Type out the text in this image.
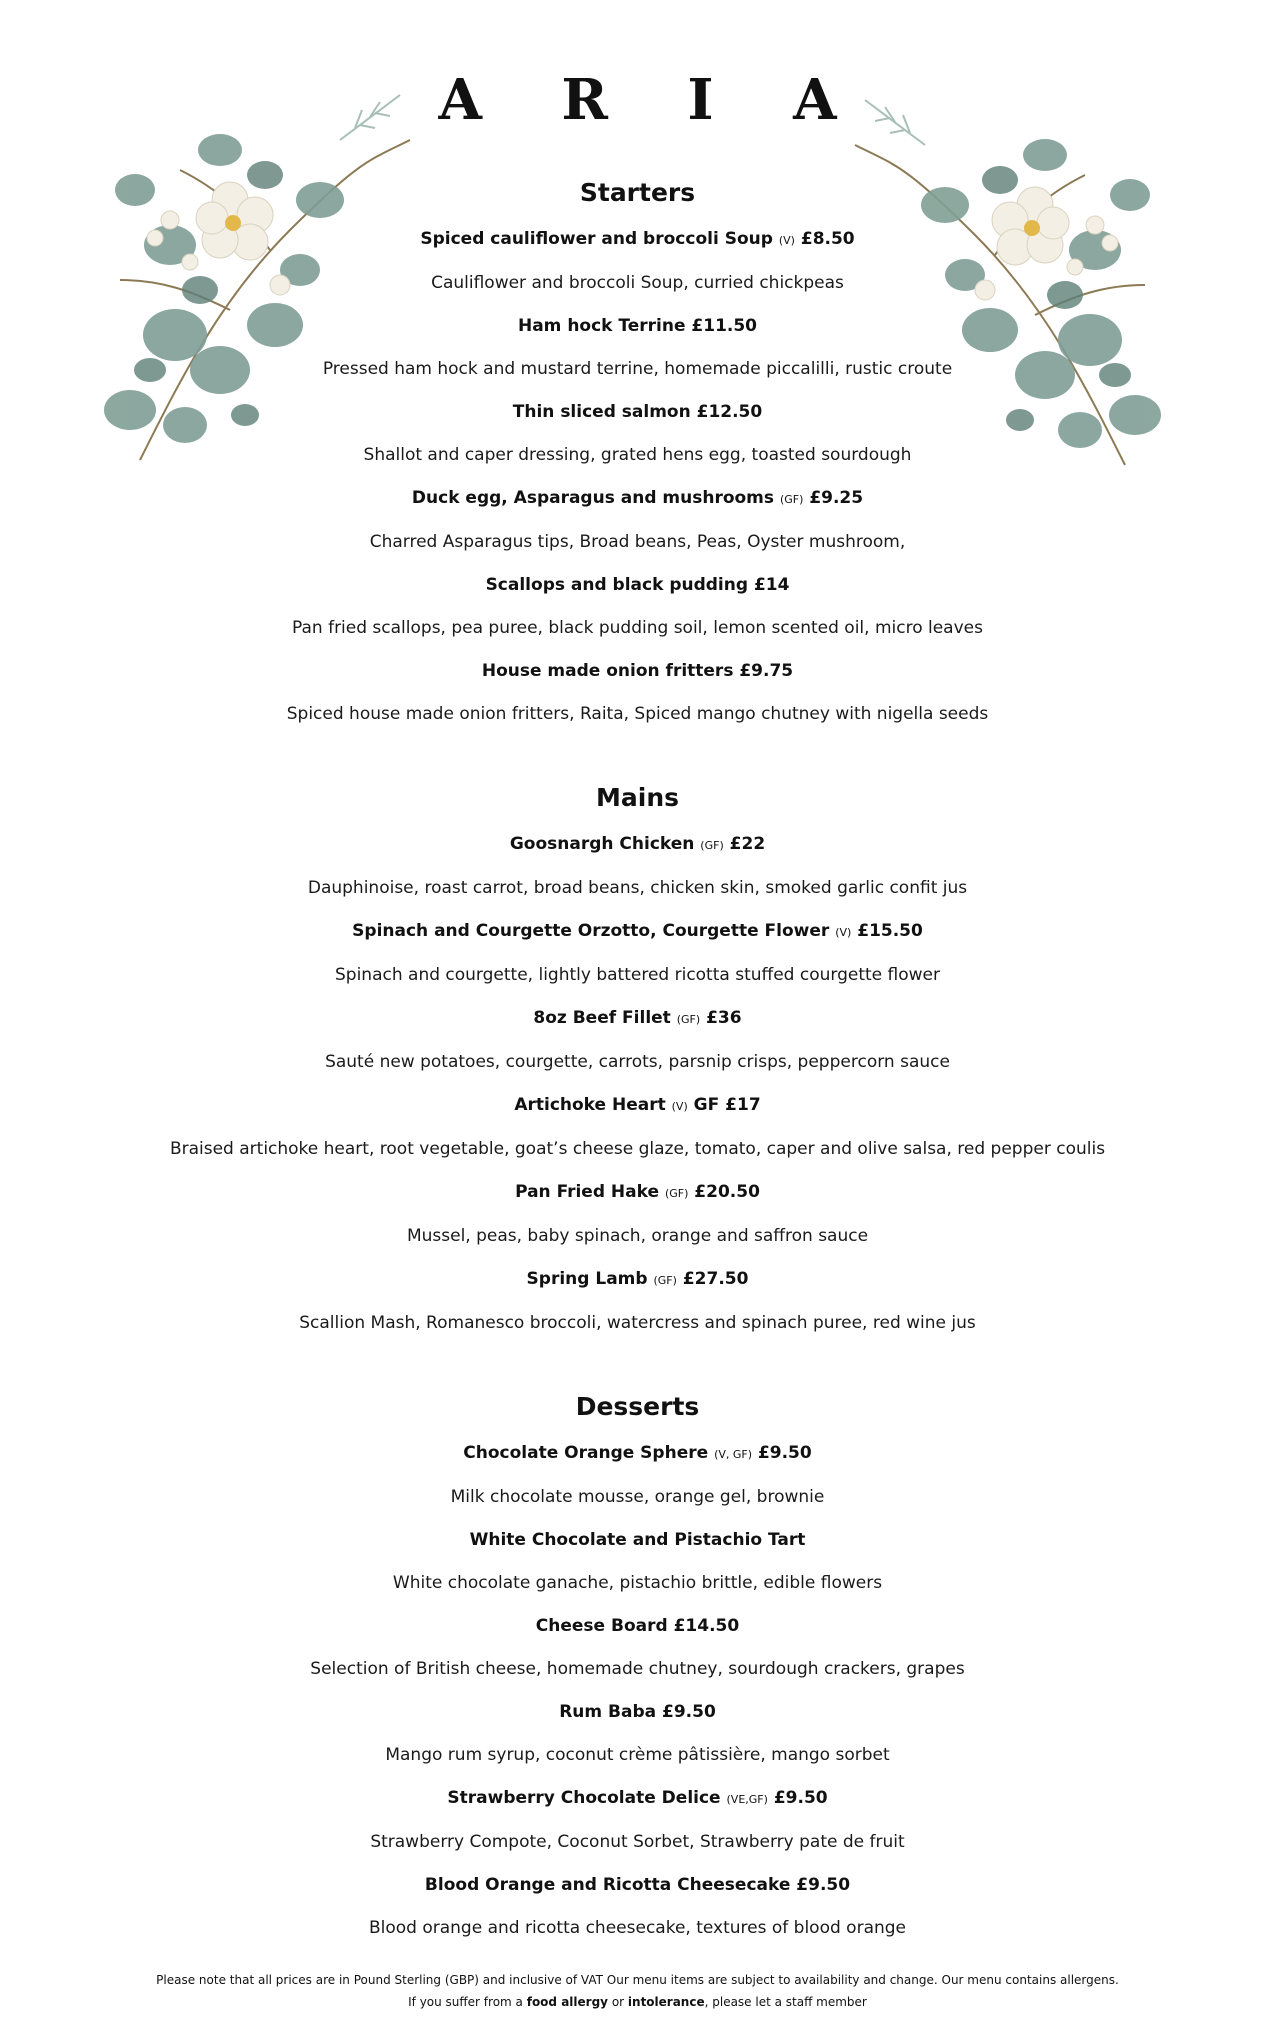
A R I A
Starters

Spiced cauliflower and broccoli Soup (V) £8.50

Cauliflower and broccoli Soup, curried chickpeas

Ham hock Terrine £11.50

Pressed ham hock and mustard terrine, homemade piccalilli, rustic croute

Thin sliced salmon £12.50

Shallot and caper dressing, grated hens egg, toasted sourdough

Duck egg, Asparagus and mushrooms (GF) £9.25

Charred Asparagus tips, Broad beans, Peas, Oyster mushroom,

Scallops and black pudding £14

Pan fried scallops, pea puree, black pudding soil, lemon scented oil, micro leaves

House made onion fritters £9.75

Spiced house made onion fritters, Raita, Spiced mango chutney with nigella seeds

Mains

Goosnargh Chicken (GF) £22

Dauphinoise, roast carrot, broad beans, chicken skin, smoked garlic confit jus

Spinach and Courgette Orzotto, Courgette Flower (V) £15.50

Spinach and courgette, lightly battered ricotta stuffed courgette flower

8oz Beef Fillet (GF) £36

Sauté new potatoes, courgette, carrots, parsnip crisps, peppercorn sauce

Artichoke Heart (V) GF £17

Braised artichoke heart, root vegetable, goat’s cheese glaze, tomato, caper and olive salsa, red pepper coulis

Pan Fried Hake (GF) £20.50

Mussel, peas, baby spinach, orange and saffron sauce

Spring Lamb (GF) £27.50

Scallion Mash, Romanesco broccoli, watercress and spinach puree, red wine jus

Desserts

Chocolate Orange Sphere (V, GF) £9.50

Milk chocolate mousse, orange gel, brownie

White Chocolate and Pistachio Tart

White chocolate ganache, pistachio brittle, edible flowers

Cheese Board £14.50

Selection of British cheese, homemade chutney, sourdough crackers, grapes

Rum Baba £9.50

Mango rum syrup, coconut crème pâtissière, mango sorbet

Strawberry Chocolate Delice (VE,GF) £9.50

Strawberry Compote, Coconut Sorbet, Strawberry pate de fruit

Blood Orange and Ricotta Cheesecake £9.50

Blood orange and ricotta cheesecake, textures of blood orange

Please note that all prices are in Pound Sterling (GBP) and inclusive of VAT Our menu items are subject to availability and change. Our menu contains allergens.
If you suffer from a food allergy or intolerance, please let a staff member
